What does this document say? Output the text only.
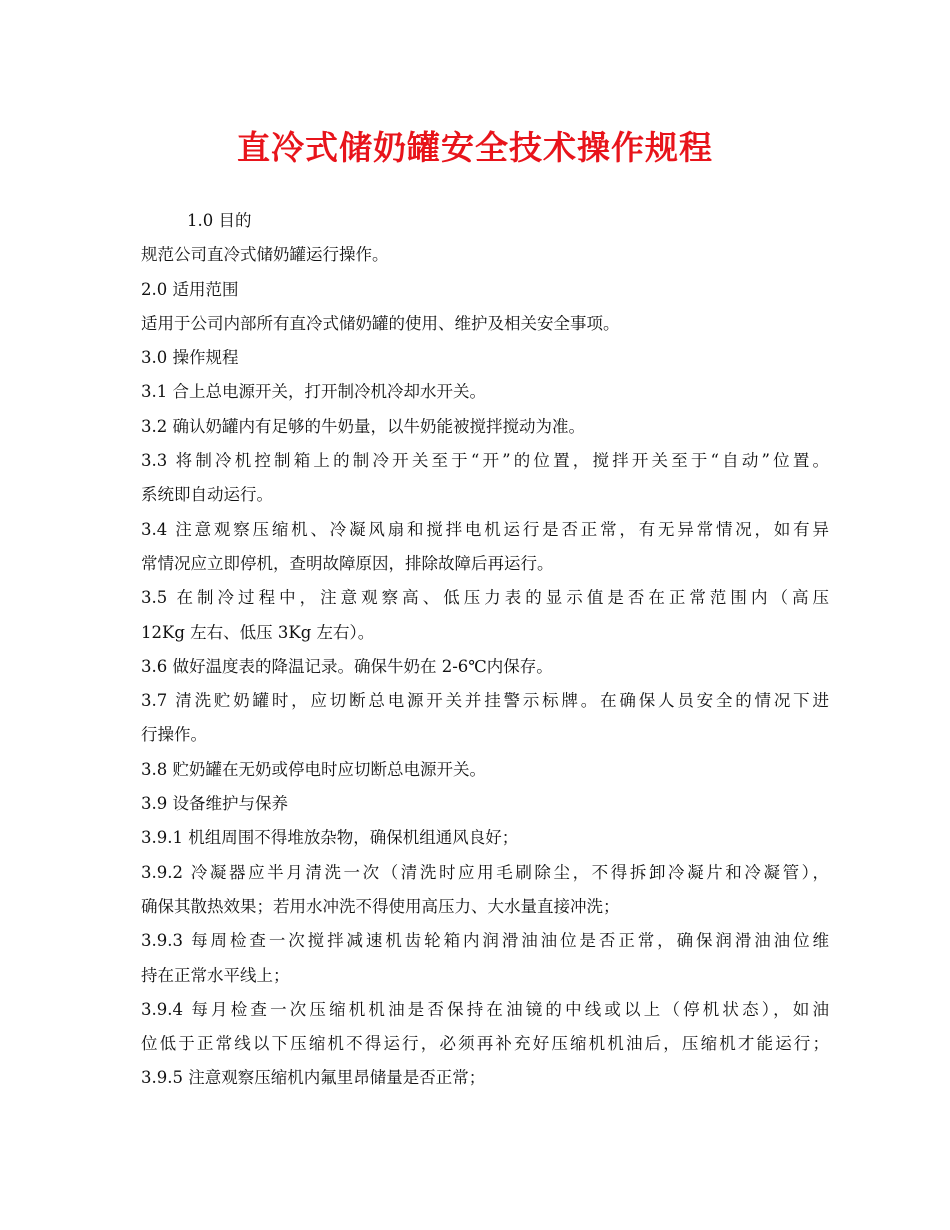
直冷式储奶罐安全技术操作规程
1.0 目的
规范公司直冷式储奶罐运行操作。
2.0 适用范围
适用于公司内部所有直冷式储奶罐的使用、维护及相关安全事项。
3.0 操作规程
3.1 合上总电源开关，打开制冷机冷却水开关。
3.2 确认奶罐内有足够的牛奶量，以牛奶能被搅拌搅动为准。
3.3 将制冷机控制箱上的制冷开关至于“开”的位置，搅拌开关至于“自动”位置。
系统即自动运行。
3.4 注意观察压缩机、冷凝风扇和搅拌电机运行是否正常，有无异常情况，如有异
常情况应立即停机，查明故障原因，排除故障后再运行。
3.5 在制冷过程中，注意观察高、低压力表的显示值是否在正常范围内（高压
12Kg 左右、低压 3Kg 左右）。
3.6 做好温度表的降温记录。确保牛奶在 2-6℃内保存。
3.7 清洗贮奶罐时，应切断总电源开关并挂警示标牌。在确保人员安全的情况下进
行操作。
3.8 贮奶罐在无奶或停电时应切断总电源开关。
3.9 设备维护与保养
3.9.1 机组周围不得堆放杂物，确保机组通风良好；
3.9.2 冷凝器应半月清洗一次（清洗时应用毛刷除尘，不得拆卸冷凝片和冷凝管），
确保其散热效果；若用水冲洗不得使用高压力、大水量直接冲洗；
3.9.3 每周检查一次搅拌减速机齿轮箱内润滑油油位是否正常，确保润滑油油位维
持在正常水平线上；
3.9.4 每月检查一次压缩机机油是否保持在油镜的中线或以上（停机状态），如油
位低于正常线以下压缩机不得运行，必须再补充好压缩机机油后，压缩机才能运行；
3.9.5 注意观察压缩机内氟里昂储量是否正常；
